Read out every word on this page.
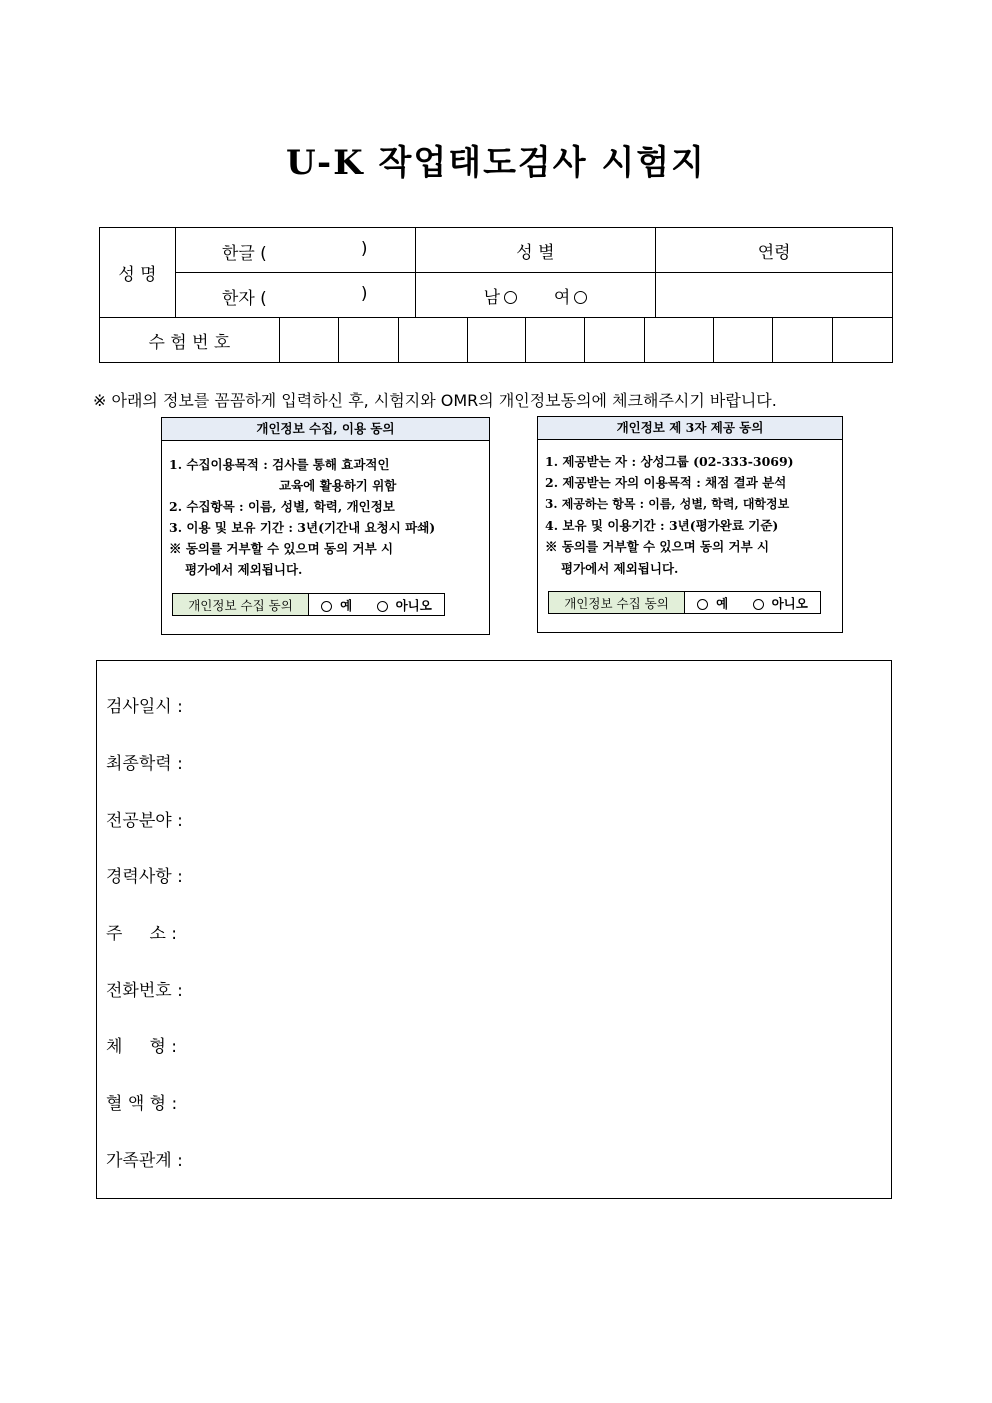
U-K 작업태도검사 시험지
성 명	한글 ( )	성 별	연령

	한자 ( )	남 여	
수 험 번 호										
※ 아래의 정보를 꼼꼼하게 입력하신 후, 시험지와 OMR의 개인정보동의에 체크해주시기 바랍니다.
개인정보 수집, 이용 동의
1. 수집이용목적 : 검사를 통해 효과적인
교육에 활용하기 위함
2. 수집항목 : 이름, 성별, 학력, 개인정보
3. 이용 및 보유 기간 : 3년(기간내 요청시 파쇄)
※ 동의를 거부할 수 있으며 동의 거부 시
평가에서 제외됩니다.
개인정보 수집 동의	예	아니오
개인정보 제 3자 제공 동의
1. 제공받는 자 : 상성그룹 (02-333-3069)
2. 제공받는 자의 이용목적 : 채점 결과 분석
3. 제공하는 항목 : 이름, 성별, 학력, 대학정보
4. 보유 및 이용기간 : 3년(평가완료 기준)
※ 동의를 거부할 수 있으며 동의 거부 시
평가에서 제외됩니다.
개인정보 수집 동의	예	아니오
검사일시 :
최종학력 :
전공분야 :
경력사항 :
주     소 :
전화번호 :
체     형 :
혈 액 형 :
가족관계 :
